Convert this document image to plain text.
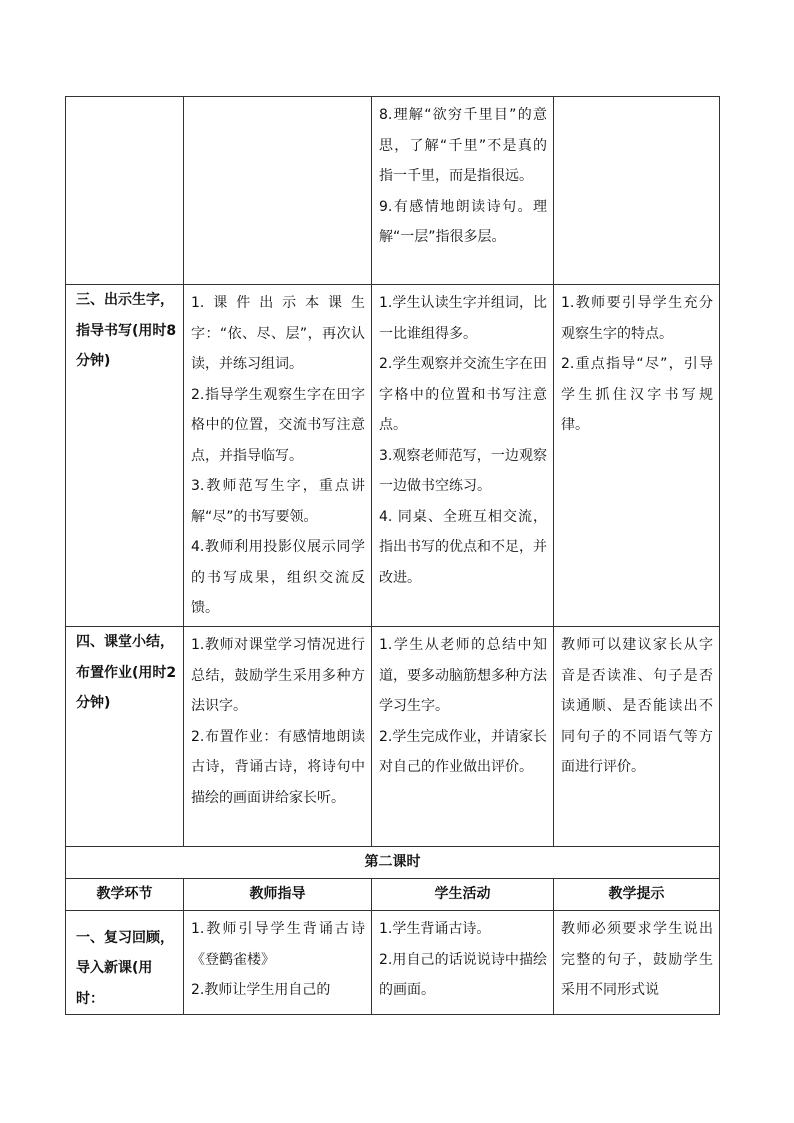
		8.理解“欲穷千里目”的意思，了解“千里”不是真的指一千里，而是指很远。
9.有感情地朗读诗句。理解“一层”指很多层。	

三、出示生字，指导书写(用时8分钟)	1.课件出示本课生字：“依、尽、层”，再次认读，并练习组词。
2.指导学生观察生字在田字格中的位置，交流书写注意点，并指导临写。
3.教师范写生字，重点讲解“尽”的书写要领。
4.教师利用投影仪展示同学的书写成果，组织交流反馈。	1.学生认读生字并组词，比一比谁组得多。
2.学生观察并交流生字在田字格中的位置和书写注意点。
3.观察老师范写，一边观察一边做书空练习。
4. 同桌、全班互相交流，指出书写的优点和不足，并改进。	1.教师要引导学生充分观察生字的特点。
2.重点指导“尽”，引导学生抓住汉字书写规律。

四、课堂小结，布置作业(用时2分钟)	1.教师对课堂学习情况进行总结，鼓励学生采用多种方法识字。
2.布置作业：有感情地朗读古诗，背诵古诗，将诗句中描绘的画面讲给家长听。	1.学生从老师的总结中知道，要多动脑筋想多种方法学习生字。
2.学生完成作业，并请家长对自己的作业做出评价。	教师可以建议家长从字音是否读准、句子是否读通顺、是否能读出不同句子的不同语气等方面进行评价。

第二课时			
教学环节	教师指导	学生活动	教学提示

一、复习回顾，导入新课(用时：	1.教师引导学生背诵古诗《登鹳雀楼》
2.教师让学生用自己的	1.学生背诵古诗。
2.用自己的话说说诗中描绘的画面。	教师必须要求学生说出完整的句子，鼓励学生采用不同形式说
